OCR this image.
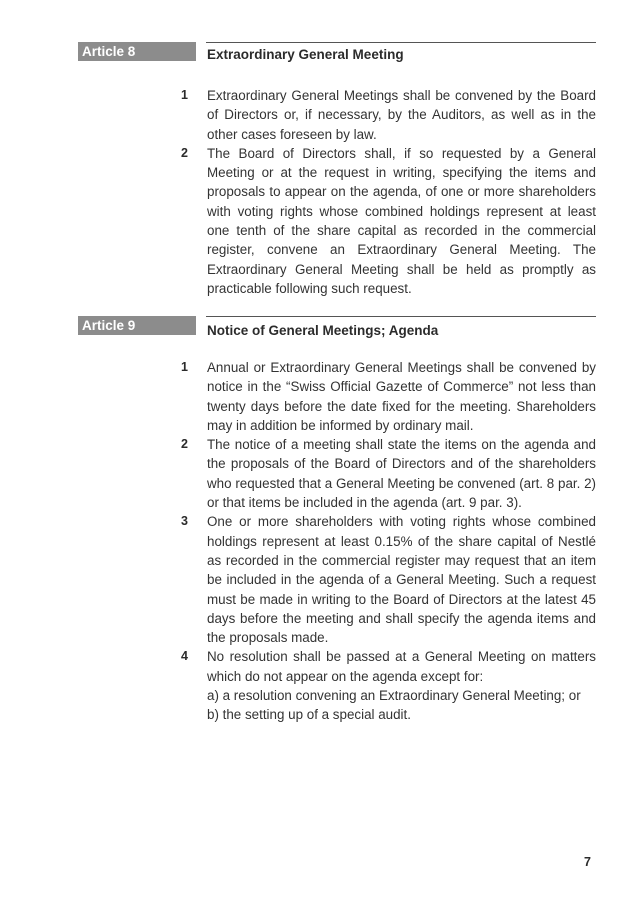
Article 8	Extraordinary General Meeting
1	Extraordinary General Meetings shall be convened by the Board of Directors or, if necessary, by the Auditors, as well as in the other cases foreseen by law.
2	The Board of Directors shall, if so requested by a General Meeting or at the request in writing, specifying the items and proposals to appear on the agenda, of one or more shareholders with voting rights whose combined holdings represent at least one tenth of the share capital as recorded in the commercial register, convene an Extraordinary General Meeting. The Extraordinary General Meeting shall be held as promptly as practicable following such request.
Article 9	Notice of General Meetings; Agenda
1	Annual or Extraordinary General Meetings shall be convened by notice in the “Swiss Official Gazette of Commerce” not less than twenty days before the date fixed for the meeting. Shareholders may in addition be informed by ordinary mail.
2	The notice of a meeting shall state the items on the agenda and the proposals of the Board of Directors and of the shareholders who requested that a General Meeting be convened (art. 8 par. 2) or that items be included in the agenda (art. 9 par. 3).
3	One or more shareholders with voting rights whose combined holdings represent at least 0.15% of the share capital of Nestlé as recorded in the commercial register may request that an item be included in the agenda of a General Meeting. Such a request must be made in writing to the Board of Directors at the latest 45 days before the meeting and shall specify the agenda items and the proposals made.
4	No resolution shall be passed at a General Meeting on matters which do not appear on the agenda except for:
a) a resolution convening an Extraordinary General Meeting; or
b) the setting up of a special audit.
7
